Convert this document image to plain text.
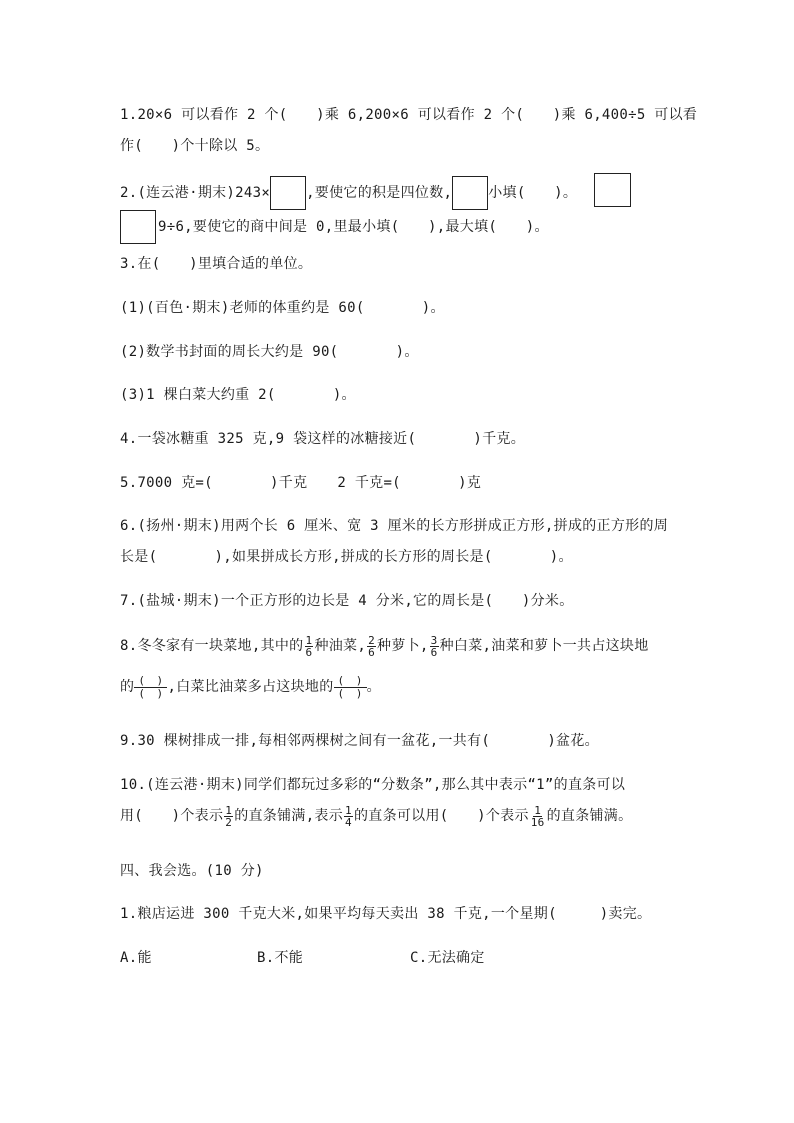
1.20×6 可以看作 2 个(　　)乘 6,200×6 可以看作 2 个(　　)乘 6,400÷5 可以看
作(　　)个十除以 5。
2.(连云港·期末)243×	,要使它的积是四位数,	小填(　　)。
9÷6,要使它的商中间是 0,里最小填(　　),最大填(　　)。
3.在(　　)里填合适的单位。
(1)(百色·期末)老师的体重约是 60(　　　　)。
(2)数学书封面的周长大约是 90(　　　　)。
(3)1 棵白菜大约重 2(　　　　)。
4.一袋冰糖重 325 克,9 袋这样的冰糖接近(　　　　)千克。
5.7000 克=(　　　　)千克 2 千克=(　　　　)克
6.(扬州·期末)用两个长 6 厘米、宽 3 厘米的长方形拼成正方形,拼成的正方形的周
长是(　　　　),如果拼成长方形,拼成的长方形的周长是(　　　　)。
7.(盐城·期末)一个正方形的边长是 4 分米,它的周长是(　　)分米。
8.冬冬家有一块菜地,其中的 $\frac{1}{6}$ 种油菜, $\frac{2}{6}$ 种萝卜, $\frac{3}{6}$ 种白菜,油菜和萝卜一共占这块地
的 $\frac{( )}{( )}$ ,白菜比油菜多占这块地的 $\frac{( )}{( )}$ 。
9.30 棵树排成一排,每相邻两棵树之间有一盆花,一共有(　　　　)盆花。
10.(连云港·期末)同学们都玩过多彩的“分数条”,那么其中表示“1”的直条可以
用(　　)个表示 $\frac{1}{2}$ 的直条铺满,表示 $\frac{1}{4}$ 的直条可以用(　　)个表示 $\frac{1}{16}$ 的直条铺满。
四、我会选。(10 分)
1.粮店运进 300 千克大米,如果平均每天卖出 38 千克,一个星期(　　　)卖完。
A.能	B.不能	C.无法确定
